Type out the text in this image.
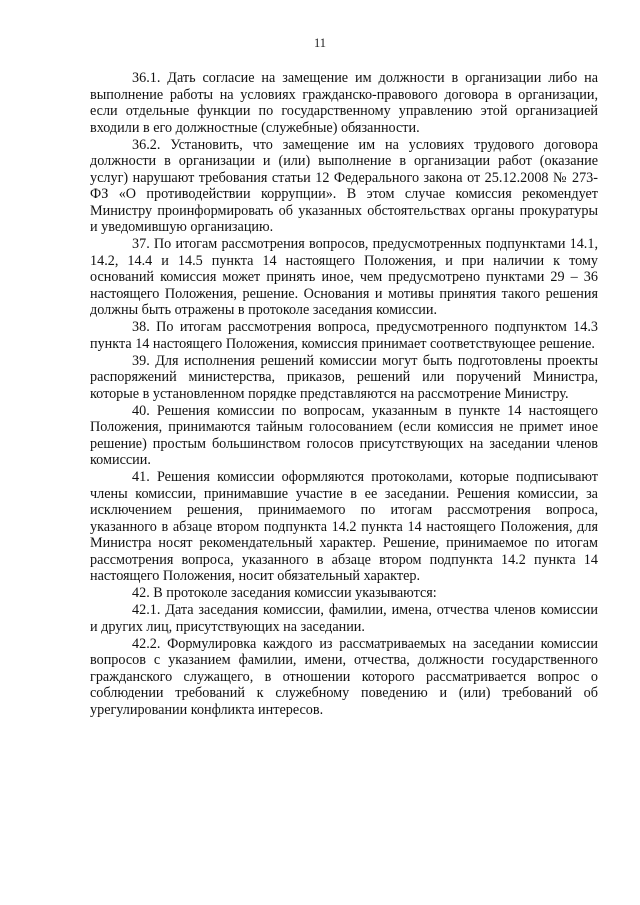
11

36.1. Дать согласие на замещение им должности в организации либо на выполнение работы на условиях гражданско-правового договора в организации, если отдельные функции по государственному управлению этой организацией входили в его должностные (служебные) обязанности.

36.2. Установить, что замещение им на условиях трудового договора должности в организации и (или) выполнение в организации работ (оказание услуг) нарушают требования статьи 12 Федерального закона от 25.12.2008 № 273-ФЗ «О противодействии коррупции». В этом случае комиссия рекомендует Министру проинформировать об указанных обстоятельствах органы прокуратуры и уведомившую организацию.

37. По итогам рассмотрения вопросов, предусмотренных подпунктами 14.1, 14.2, 14.4 и 14.5 пункта 14 настоящего Положения, и при наличии к тому оснований комиссия может принять иное, чем предусмотрено пунктами 29 – 36 настоящего Положения, решение. Основания и мотивы принятия такого решения должны быть отражены в протоколе заседания комиссии.

38. По итогам рассмотрения вопроса, предусмотренного подпунктом 14.3 пункта 14 настоящего Положения, комиссия принимает соответствующее решение.

39. Для исполнения решений комиссии могут быть подготовлены проекты распоряжений министерства, приказов, решений или поручений Министра, которые в установленном порядке представляются на рассмотрение Министру.

40. Решения комиссии по вопросам, указанным в пункте 14 настоящего Положения, принимаются тайным голосованием (если комиссия не примет иное решение) простым большинством голосов присутствующих на заседании членов комиссии.

41. Решения комиссии оформляются протоколами, которые подписывают члены комиссии, принимавшие участие в ее заседании. Решения комиссии, за исключением решения, принимаемого по итогам рассмотрения вопроса, указанного в абзаце втором подпункта 14.2 пункта 14 настоящего Положения, для Министра носят рекомендательный характер. Решение, принимаемое по итогам рассмотрения вопроса, указанного в абзаце втором подпункта 14.2 пункта 14 настоящего Положения, носит обязательный характер.

42. В протоколе заседания комиссии указываются:

42.1. Дата заседания комиссии, фамилии, имена, отчества членов комиссии и других лиц, присутствующих на заседании.

42.2. Формулировка каждого из рассматриваемых на заседании комиссии вопросов с указанием фамилии, имени, отчества, должности государственного гражданского служащего, в отношении которого рассматривается вопрос о соблюдении требований к служебному поведению и (или) требований об урегулировании конфликта интересов.
